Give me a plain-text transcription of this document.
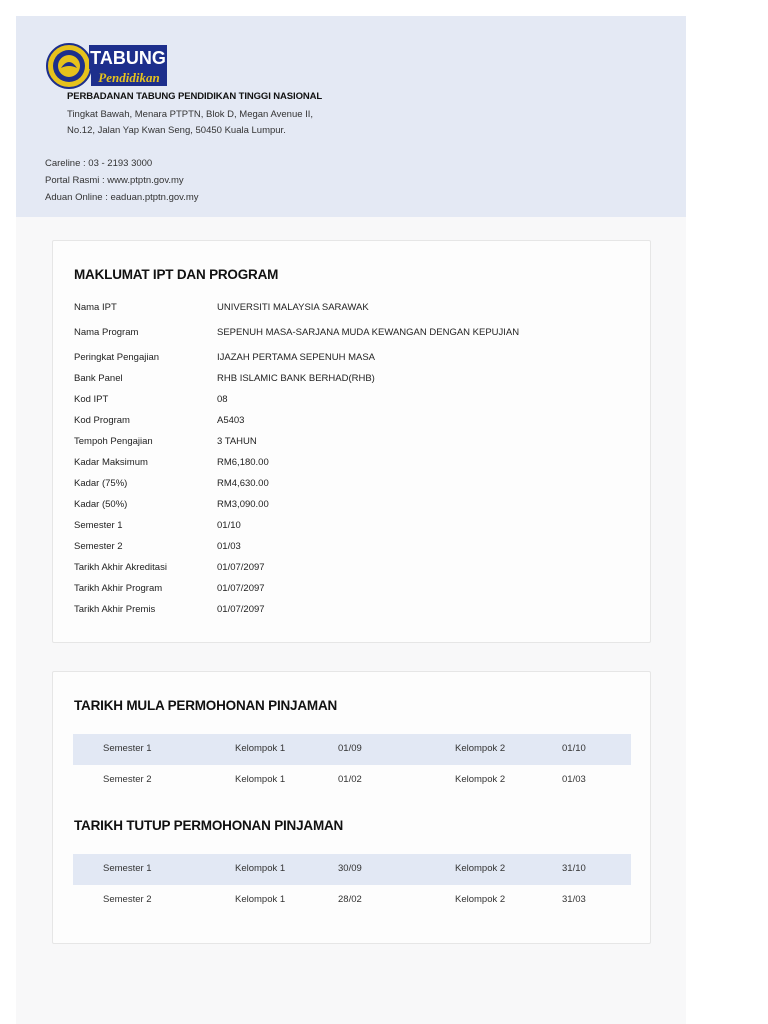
TABUNG
Pendidikan
PERBADANAN TABUNG PENDIDIKAN TINGGI NASIONAL
Tingkat Bawah, Menara PTPTN, Blok D, Megan Avenue II,
No.12, Jalan Yap Kwan Seng, 50450 Kuala Lumpur.
Careline : 03 - 2193 3000
Portal Rasmi : www.ptptn.gov.my
Aduan Online : eaduan.ptptn.gov.my
MAKLUMAT IPT DAN PROGRAM
Nama IPT	UNIVERSITI MALAYSIA SARAWAK
Nama Program	SEPENUH MASA-SARJANA MUDA KEWANGAN DENGAN KEPUJIAN
Peringkat Pengajian	IJAZAH PERTAMA SEPENUH MASA
Bank Panel	RHB ISLAMIC BANK BERHAD(RHB)
Kod IPT	08
Kod Program	A5403
Tempoh Pengajian	3 TAHUN
Kadar Maksimum	RM6,180.00
Kadar (75%)	RM4,630.00
Kadar (50%)	RM3,090.00
Semester 1	01/10
Semester 2	01/03
Tarikh Akhir Akreditasi	01/07/2097
Tarikh Akhir Program	01/07/2097
Tarikh Akhir Premis	01/07/2097
TARIKH MULA PERMOHONAN PINJAMAN
Semester 1	Kelompok 1	01/09	Kelompok 2	01/10
Semester 2	Kelompok 1	01/02	Kelompok 2	01/03
TARIKH TUTUP PERMOHONAN PINJAMAN
Semester 1	Kelompok 1	30/09	Kelompok 2	31/10
Semester 2	Kelompok 1	28/02	Kelompok 2	31/03
